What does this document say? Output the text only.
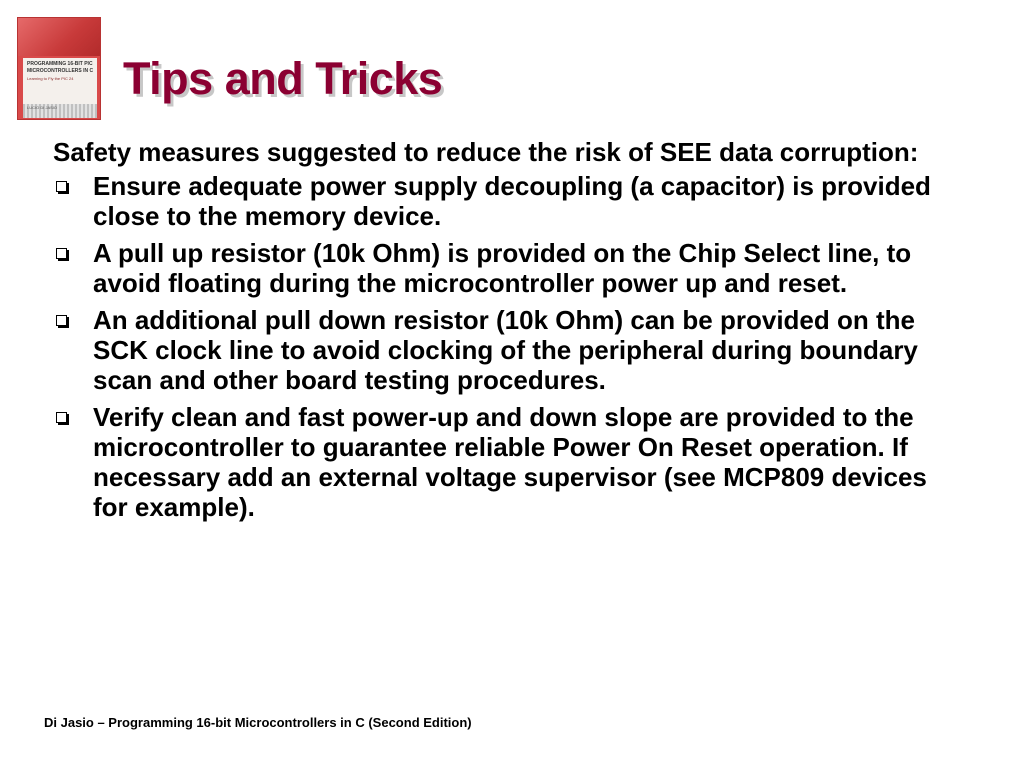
PROGRAMMING 16-BIT PIC
MICROCONTROLLERS IN C
Learning to Fly the PIC 24
LUCIO DI JASIO
Tips and Tricks

Safety measures suggested to reduce the risk of SEE data corruption:

Ensure adequate power supply decoupling (a capacitor) is provided close to the memory device.
A pull up resistor (10k Ohm) is provided on the Chip Select line, to avoid floating during the microcontroller power up and reset.
An additional pull down resistor (10k Ohm) can be provided on the SCK clock line to avoid clocking of the peripheral during boundary scan and other board testing procedures.
Verify clean and fast power-up and down slope are provided to the microcontroller to guarantee reliable Power On Reset operation. If necessary add an external voltage supervisor (see MCP809 devices for example).
Di Jasio – Programming 16-bit Microcontrollers in C (Second Edition)
